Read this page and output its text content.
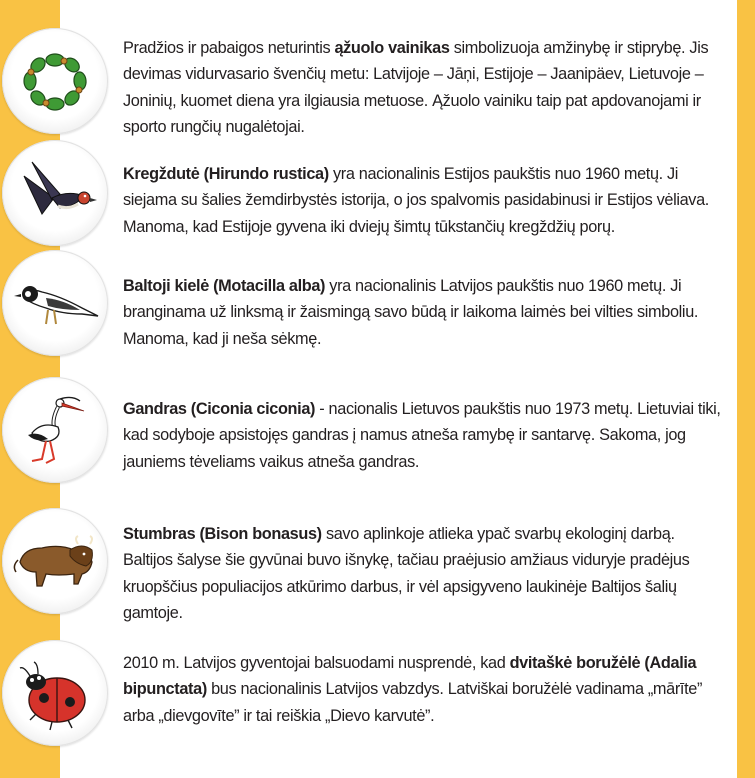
Pradžios ir pabaigos neturintis ąžuolo vainikas simbolizuoja amžinybę ir stiprybę. Jis devimas vidurvasario švenčių metu: Latvijoje – Jāņi, Estijoje – Jaanipäev, Lietuvoje – Joninių, kuomet diena yra ilgiausia metuose. Ąžuolo vainiku taip pat apdovanojami ir sporto rungčių nugalėtojai.
Kregždutė (Hirundo rustica) yra nacionalinis Estijos paukštis nuo 1960 metų. Ji siejama su šalies žemdirbystės istorija, o jos spalvomis pasidabinusi ir Estijos vėliava. Manoma, kad Estijoje gyvena iki dviejų šimtų tūkstančių kregždžių porų.
Baltoji kielė (Motacilla alba) yra nacionalinis Latvijos paukštis nuo 1960 metų. Ji branginama už linksmą ir žaismingą savo būdą ir laikoma laimės bei vilties simboliu. Manoma, kad ji neša sėkmę.
Gandras (Ciconia ciconia) - nacionalis Lietuvos paukštis nuo 1973 metų. Lietuviai tiki, kad sodyboje apsistojęs gandras į namus atneša ramybę ir santarvę. Sakoma, jog jauniems tėveliams vaikus atneša gandras.
Stumbras (Bison bonasus) savo aplinkoje atlieka ypač svarbų ekologinį darbą. Baltijos šalyse šie gyvūnai buvo išnykę, tačiau praėjusio amžiaus viduryje pradėjus kruopščius populiacijos atkūrimo darbus, ir vėl apsigyveno laukinėje Baltijos šalių gamtoje.
2010 m. Latvijos gyventojai balsuodami nusprendė, kad dvitaškė boružėlė (Adalia bipunctata) bus nacionalinis Latvijos vabzdys. Latviškai boružėlė vadinama „mārīte” arba „dievgovīte” ir tai reiškia „Dievo karvutė”.
